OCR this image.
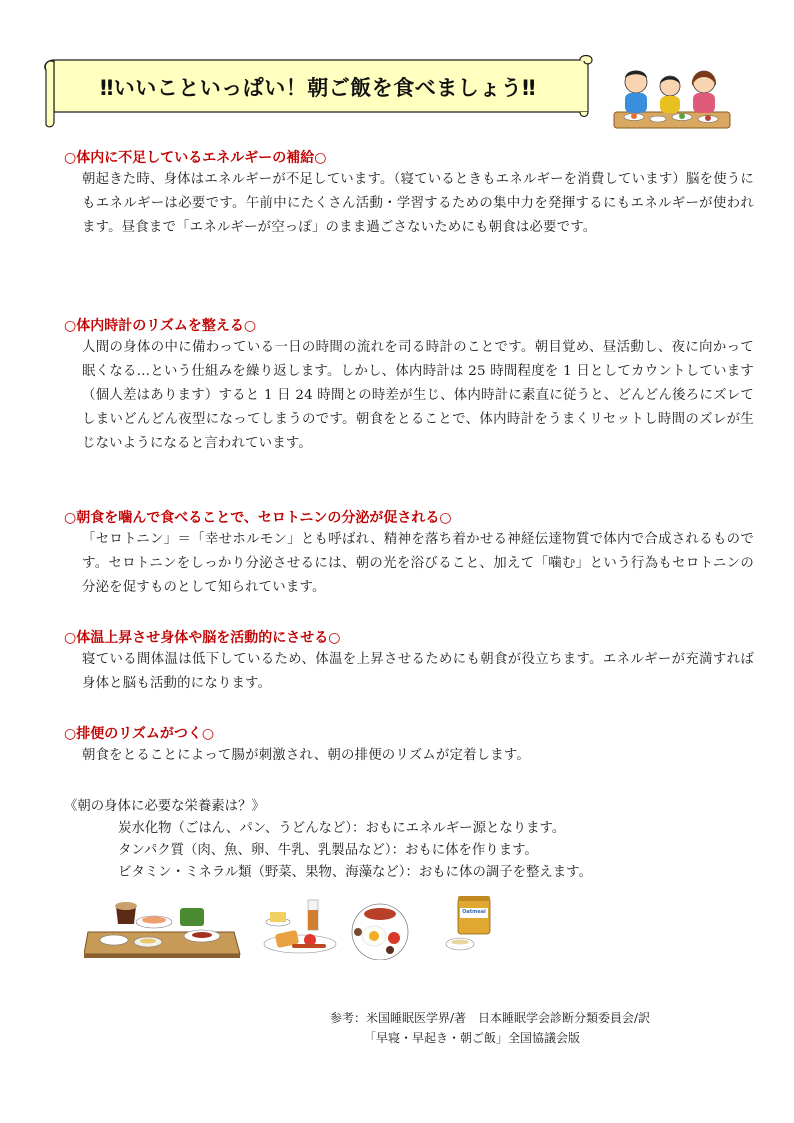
‼いいこといっぱい！朝ご飯を食べましょう‼
○体内に不足しているエネルギーの補給○
朝起きた時、身体はエネルギーが不足しています。（寝ているときもエネルギーを消費しています）脳を使うにもエネルギーは必要です。午前中にたくさん活動・学習するための集中力を発揮するにもエネルギーが使われます。昼食まで「エネルギーが空っぽ」のまま過ごさないためにも朝食は必要です。
○体内時計のリズムを整える○
人間の身体の中に備わっている一日の時間の流れを司る時計のことです。朝目覚め、昼活動し、夜に向かって眠くなる…という仕組みを繰り返します。しかし、体内時計は 25 時間程度を 1 日としてカウントしています（個人差はあります）すると 1 日 24 時間との時差が生じ、体内時計に素直に従うと、どんどん後ろにズレてしまいどんどん夜型になってしまうのです。朝食をとることで、体内時計をうまくリセットし時間のズレが生じないようになると言われています。
○朝食を噛んで食べることで、セロトニンの分泌が促される○
「セロトニン」＝「幸せホルモン」とも呼ばれ、精神を落ち着かせる神経伝達物質で体内で合成されるものです。セロトニンをしっかり分泌させるには、朝の光を浴びること、加えて「噛む」という行為もセロトニンの分泌を促すものとして知られています。
○体温上昇させ身体や脳を活動的にさせる○
寝ている間体温は低下しているため、体温を上昇させるためにも朝食が役立ちます。エネルギーが充満すれば身体と脳も活動的になります。
○排便のリズムがつく○
朝食をとることによって腸が刺激され、朝の排便のリズムが定着します。
《朝の身体に必要な栄養素は？》
炭水化物（ごはん、パン、うどんなど）：おもにエネルギー源となります。
タンパク質（肉、魚、卵、牛乳、乳製品など）：おもに体を作ります。
ビタミン・ミネラル類（野菜、果物、海藻など）：おもに体の調子を整えます。
Oatmeal
参考：米国睡眠医学界/著　日本睡眠学会診断分類委員会/訳
「早寝・早起き・朝ご飯」全国協議会版
